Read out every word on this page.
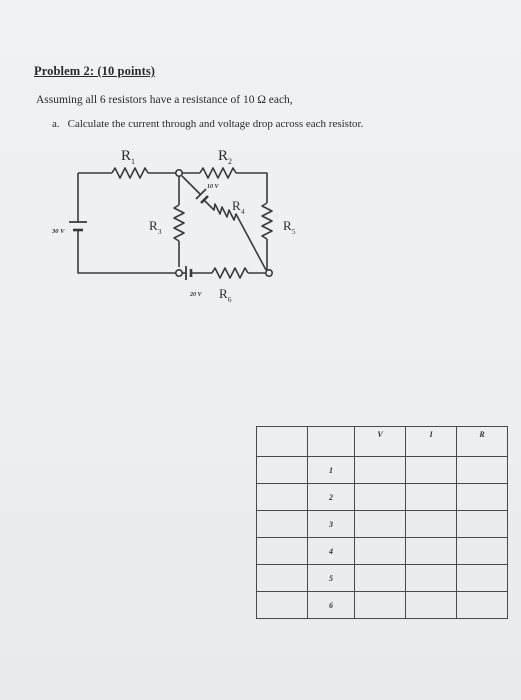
Problem 2: (10 points)
Assuming all 6 resistors have a resistance of 10 Ω each,
a. Calculate the current through and voltage drop across each resistor.
R 1	R 2
R 3
R 4
R 5
R 6
30 V
10 V
20 V
		V	I	R
	1			
	2			
	3			
	4			
	5			
	6			
